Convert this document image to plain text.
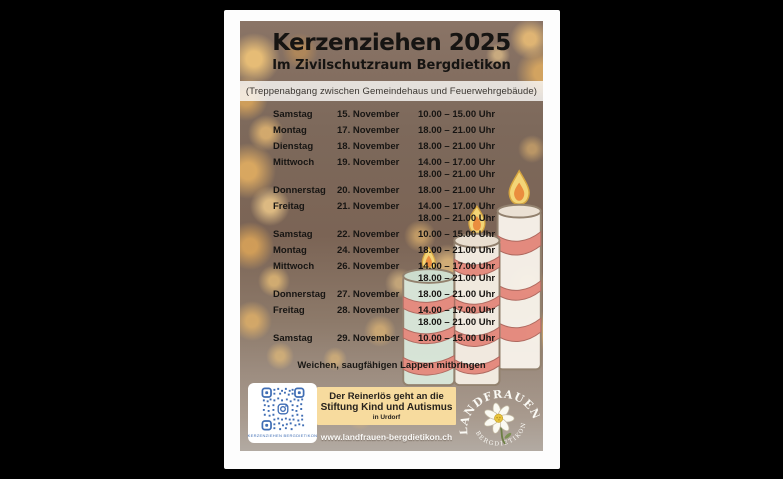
Kerzenziehen 2025
Im Zivilschutzraum Bergdietikon
(Treppenabgang zwischen Gemeindehaus und Feuerwehrgebäude)
Samstag	15. November	10.00 – 15.00 Uhr
Montag	17. November	18.00 – 21.00 Uhr
Dienstag	18. November	18.00 – 21.00 Uhr
Mittwoch	19. November	14.00 – 17.00 Uhr
18.00 – 21.00 Uhr
Donnerstag	20. November	18.00 – 21.00 Uhr
Freitag	21. November	14.00 – 17.00 Uhr
18.00 – 21.00 Uhr
Samstag	22. November	10.00 – 15.00 Uhr
Montag	24. November	18.00 – 21.00 Uhr
Mittwoch	26. November	14.00 – 17.00 Uhr
18.00 – 21.00 Uhr
Donnerstag	27. November	18.00 – 21.00 Uhr
Freitag	28. November	14.00 – 17.00 Uhr
18.00 – 21.00 Uhr
Samstag	29. November	10.00 – 15.00 Uhr
Weichen, saugfähigen Lappen mitbringen
KERZENZIEHEN BERGDIETIKON
Der Reinerlös geht an die
Stiftung Kind und Autismus
in Urdorf
www.landfrauen-bergdietikon.ch
LANDFRAUEN
BERGDIETIKON
